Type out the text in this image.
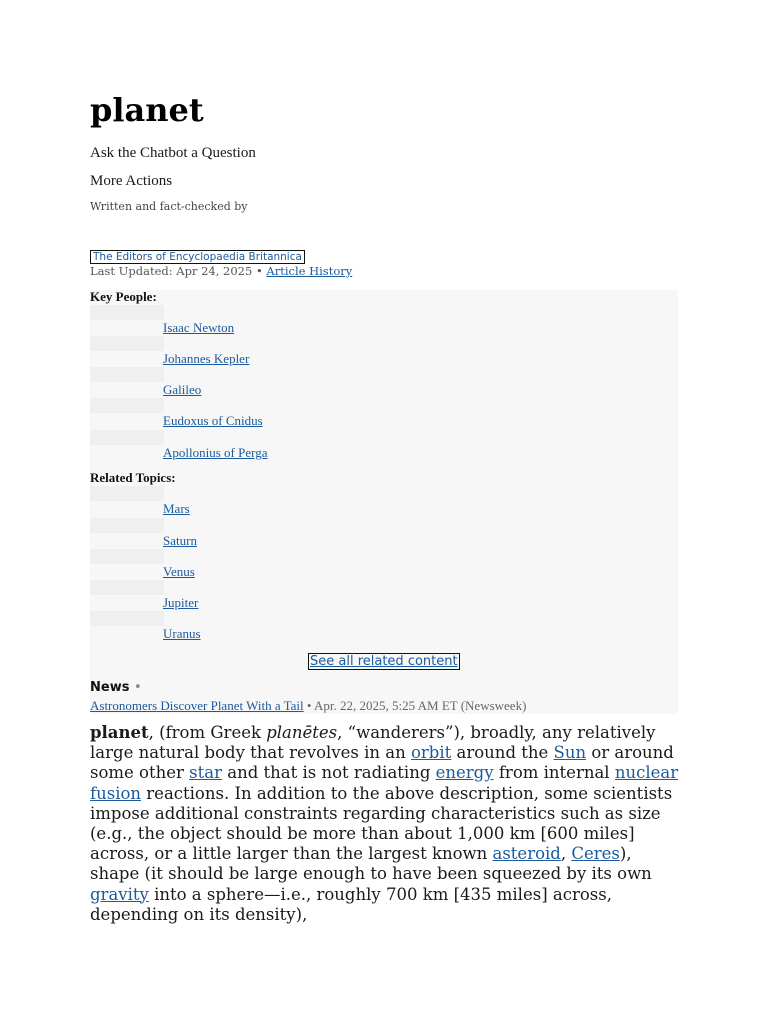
planet
Ask the Chatbot a Question
More Actions
Written and fact-checked by
The Editors of Encyclopaedia Britannica
Last Updated: Apr 24, 2025 • Article History
Key People:
Isaac Newton
Johannes Kepler
Galileo
Eudoxus of Cnidus
Apollonius of Perga
Related Topics:
Mars
Saturn
Venus
Jupiter
Uranus
See all related content
News •
Astronomers Discover Planet With a Tail • Apr. 22, 2025, 5:25 AM ET (Newsweek)

planet, (from Greek planētes, “wanderers”), broadly, any relatively large natural body that revolves in an orbit around the Sun or around some other star and that is not radiating energy from internal nuclear fusion reactions. In addition to the above description, some scientists impose additional constraints regarding characteristics such as size (e.g., the object should be more than about 1,000 km [600 miles] across, or a little larger than the largest known asteroid, Ceres), shape (it should be large enough to have been squeezed by its own gravity into a sphere—i.e., roughly 700 km [435 miles] across, depending on its density),
